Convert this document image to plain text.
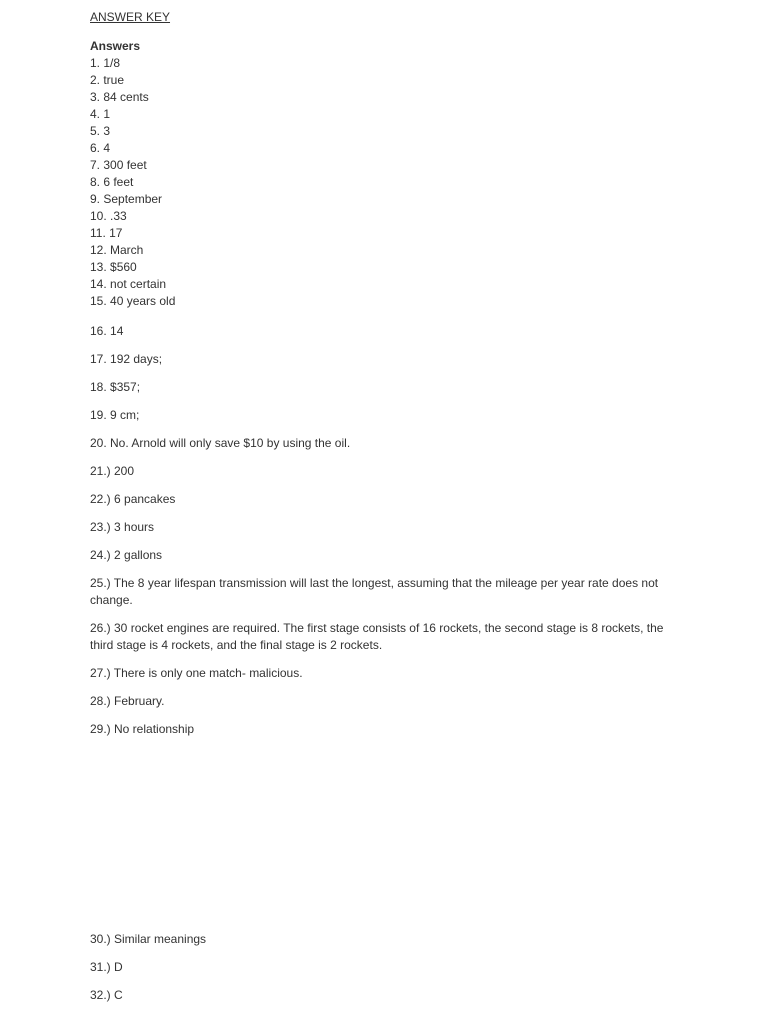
ANSWER KEY
Answers
1. 1/8
2. true
3. 84 cents
4. 1
5. 3
6. 4
7. 300 feet
8. 6 feet
9. September
10. .33
11. 17
12. March
13. $560
14. not certain
15. 40 years old
16. 14
17. 192 days;
18. $357;
19. 9 cm;
20. No. Arnold will only save $10 by using the oil.
21.) 200
22.) 6 pancakes
23.) 3 hours
24.) 2 gallons
25.) The 8 year lifespan transmission will last the longest, assuming that the mileage per year rate does not change.
26.) 30 rocket engines are required. The first stage consists of 16 rockets, the second stage is 8 rockets, the third stage is 4 rockets, and the final stage is 2 rockets.
27.) There is only one match- malicious.
28.) February.
29.) No relationship
30.) Similar meanings
31.) D
32.) C
